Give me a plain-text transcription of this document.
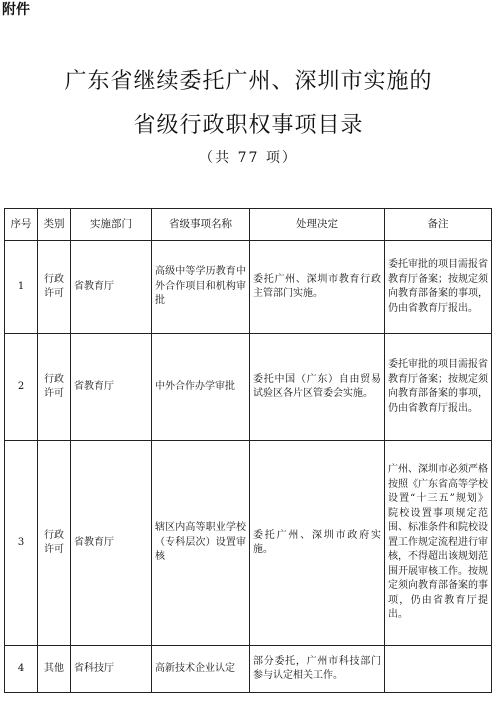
附件
广东省继续委托广州、深圳市实施的
省级行政职权事项目录
（共 77 项）
序号	类别	实施部门	省级事项名称	处理决定	备注
1	行政许可	省教育厅	高级中等学历教育中外合作项目和机构审批	委托广州、深圳市教育行政主管部门实施。	委托审批的项目需报省教育厅备案；按规定须向教育部备案的事项，仍由省教育厅报出。
2	行政许可	省教育厅	中外合作办学审批	委托中国（广东）自由贸易试验区各片区管委会实施。	委托审批的项目需报省教育厅备案；按规定须向教育部备案的事项，仍由省教育厅报出。
3	行政许可	省教育厅	辖区内高等职业学校（专科层次）设置审核	委托广州、深圳市政府实施。	广州、深圳市必须严格按照《广东省高等学校设置“十三五”规划》院校设置事项规定范围、标准条件和院校设置工作规定流程进行审核，不得超出该规划范围开展审核工作。按规定须向教育部备案的事项，仍由省教育厅提出。
4	其他	省科技厅	高新技术企业认定	部分委托，广州市科技部门参与认定相关工作。	
